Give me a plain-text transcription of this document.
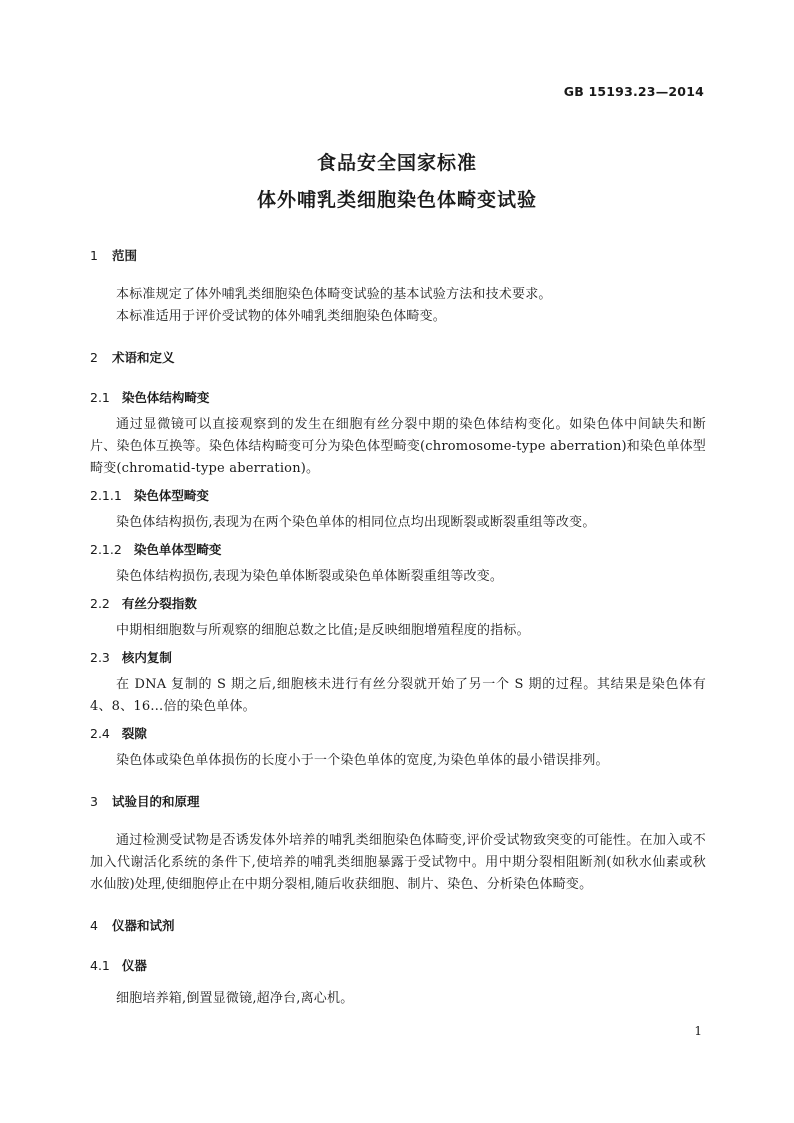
GB 15193.23—2014
食品安全国家标准
体外哺乳类细胞染色体畸变试验
1 范围

本标准规定了体外哺乳类细胞染色体畸变试验的基本试验方法和技术要求。

本标准适用于评价受试物的体外哺乳类细胞染色体畸变。

2 术语和定义
2.1 染色体结构畸变

通过显微镜可以直接观察到的发生在细胞有丝分裂中期的染色体结构变化。如染色体中间缺失和断片、染色体互换等。染色体结构畸变可分为染色体型畸变(chromosome-type aberration)和染色单体型畸变(chromatid-type aberration)。

2.1.1 染色体型畸变

染色体结构损伤,表现为在两个染色单体的相同位点均出现断裂或断裂重组等改变。

2.1.2 染色单体型畸变

染色体结构损伤,表现为染色单体断裂或染色单体断裂重组等改变。

2.2 有丝分裂指数

中期相细胞数与所观察的细胞总数之比值;是反映细胞增殖程度的指标。

2.3 核内复制

在 DNA 复制的 S 期之后,细胞核未进行有丝分裂就开始了另一个 S 期的过程。其结果是染色体有 4、8、16…倍的染色单体。

2.4 裂隙

染色体或染色单体损伤的长度小于一个染色单体的宽度,为染色单体的最小错误排列。

3 试验目的和原理

通过检测受试物是否诱发体外培养的哺乳类细胞染色体畸变,评价受试物致突变的可能性。在加入或不加入代谢活化系统的条件下,使培养的哺乳类细胞暴露于受试物中。用中期分裂相阻断剂(如秋水仙素或秋水仙胺)处理,使细胞停止在中期分裂相,随后收获细胞、制片、染色、分析染色体畸变。

4 仪器和试剂
4.1 仪器

细胞培养箱,倒置显微镜,超净台,离心机。

1
